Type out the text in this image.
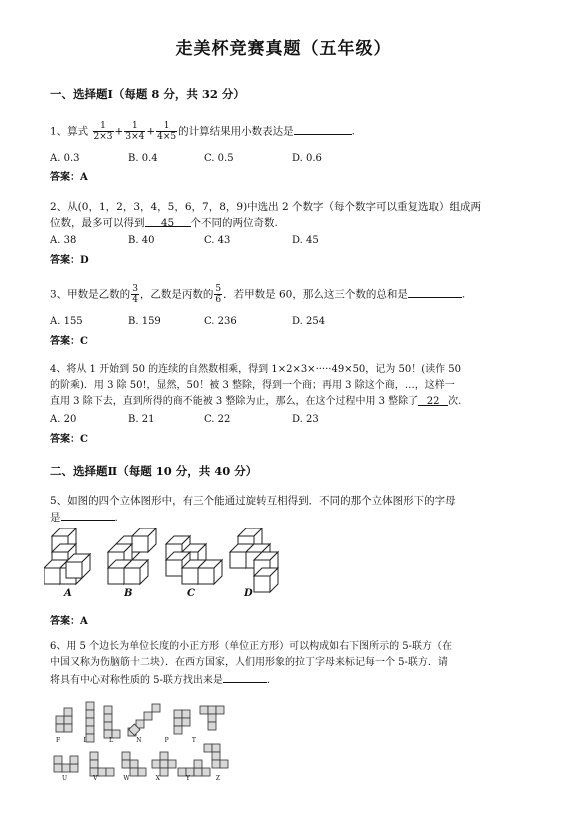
走美杯竞赛真题（五年级）
一、选择题Ⅰ（每题 8 分，共 32 分）
1、算式 $\frac{1}{2\times 3} + \frac{1}{3\times 4} + \frac{1}{4\times 5}$ 的计算结果用小数表达是	.
A. 0.3	B. 0.4	C. 0.5	D. 0.6
答案：A
2、从(0，1，2，3，4，5，6，7，8，9)中选出 2 个数字（每个数字可以重复选取）组成两
位数，最多可以得到 45 个不同的两位奇数.
A. 38	B. 40	C. 43	D. 45
答案：D
3、甲数是乙数的 $\frac{3}{4}$ ，乙数是丙数的 $\frac{5}{6}$ ．若甲数是 60，那么这三个数的总和是	.
A. 155	B. 159	C. 236	D. 254
答案：C
4、将从 1 开始到 50 的连续的自然数相乘，得到 1×2×3×·····49×50，记为 50！(读作 50
的阶乘)．用 3 除 50!，显然，50！被 3 整除，得到一个商；再用 3 除这个商，…，这样一
直用 3 除下去，直到所得的商不能被 3 整除为止，那么，在这个过程中用 3 整除了 22 次.
A. 20	B. 21	C. 22	D. 23
答案：C
二、选择题Ⅱ（每题 10 分，共 40 分）
5、如图的四个立体图形中，有三个能通过旋转互相得到．不同的那个立体图形下的字母
是	.
A	B	C	D
答案：A
6、用 5 个边长为单位长度的小正方形（单位正方形）可以构成如右下图所示的 5-联方（在
中国又称为伤脑筋十二块）．在西方国家，人们用形象的拉丁字母来标记每一个 5-联方．请
将具有中心对称性质的 5-联方找出来是	.
F	I	L	N	P	T
U	V	W	X	Y	Z
